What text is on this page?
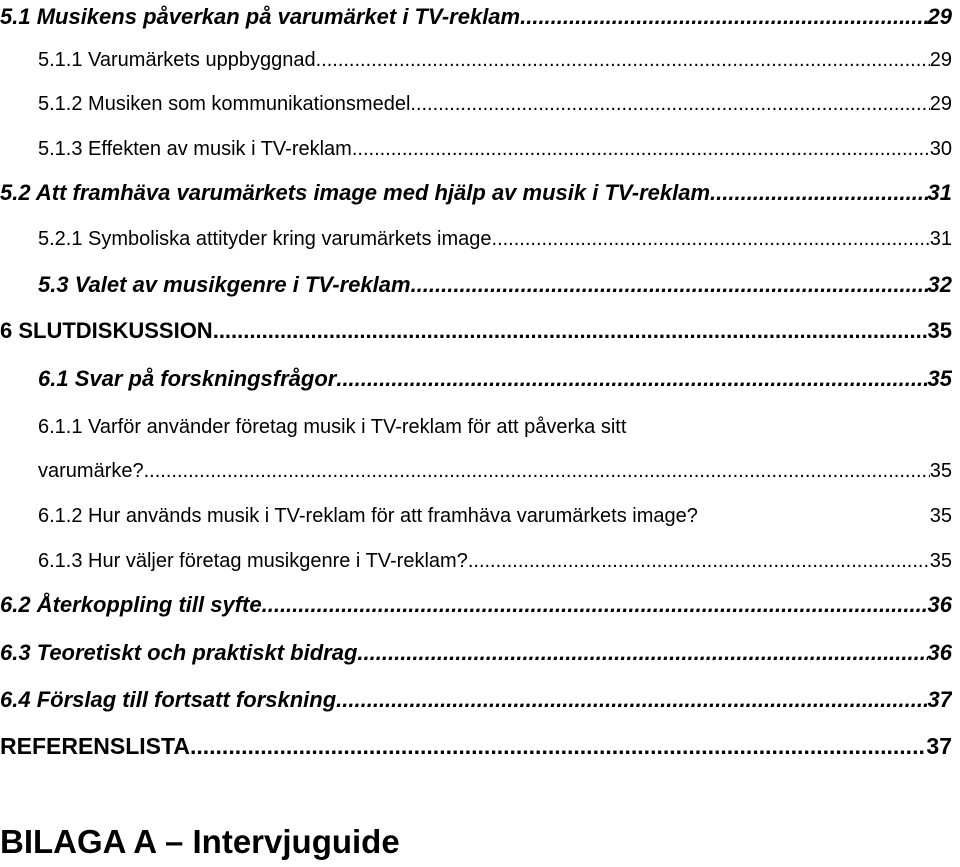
5.1 Musikens påverkan på varumärket i TV-reklam .....	29
5.1.1 Varumärkets uppbyggnad .....	29
5.1.2 Musiken som kommunikationsmedel .....	29
5.1.3 Effekten av musik i TV-reklam .....	30
5.2 Att framhäva varumärkets image med hjälp av musik i TV-reklam .....	31
5.2.1 Symboliska attityder kring varumärkets image .....	31
5.3 Valet av musikgenre i TV-reklam .....	32
6 SLUTDISKUSSION .....	35
6.1 Svar på forskningsfrågor .....	35
6.1.1 Varför använder företag musik i TV-reklam för att påverka sitt
varumärke? .....	35
6.1.2 Hur används musik i TV-reklam för att framhäva varumärkets image?	35
6.1.3 Hur väljer företag musikgenre i TV-reklam? .....	35
6.2 Återkoppling till syfte .....	36
6.3 Teoretiskt och praktiskt bidrag .....	36
6.4 Förslag till fortsatt forskning .....	37
REFERENSLISTA .....	37
BILAGA A – Intervjuguide
